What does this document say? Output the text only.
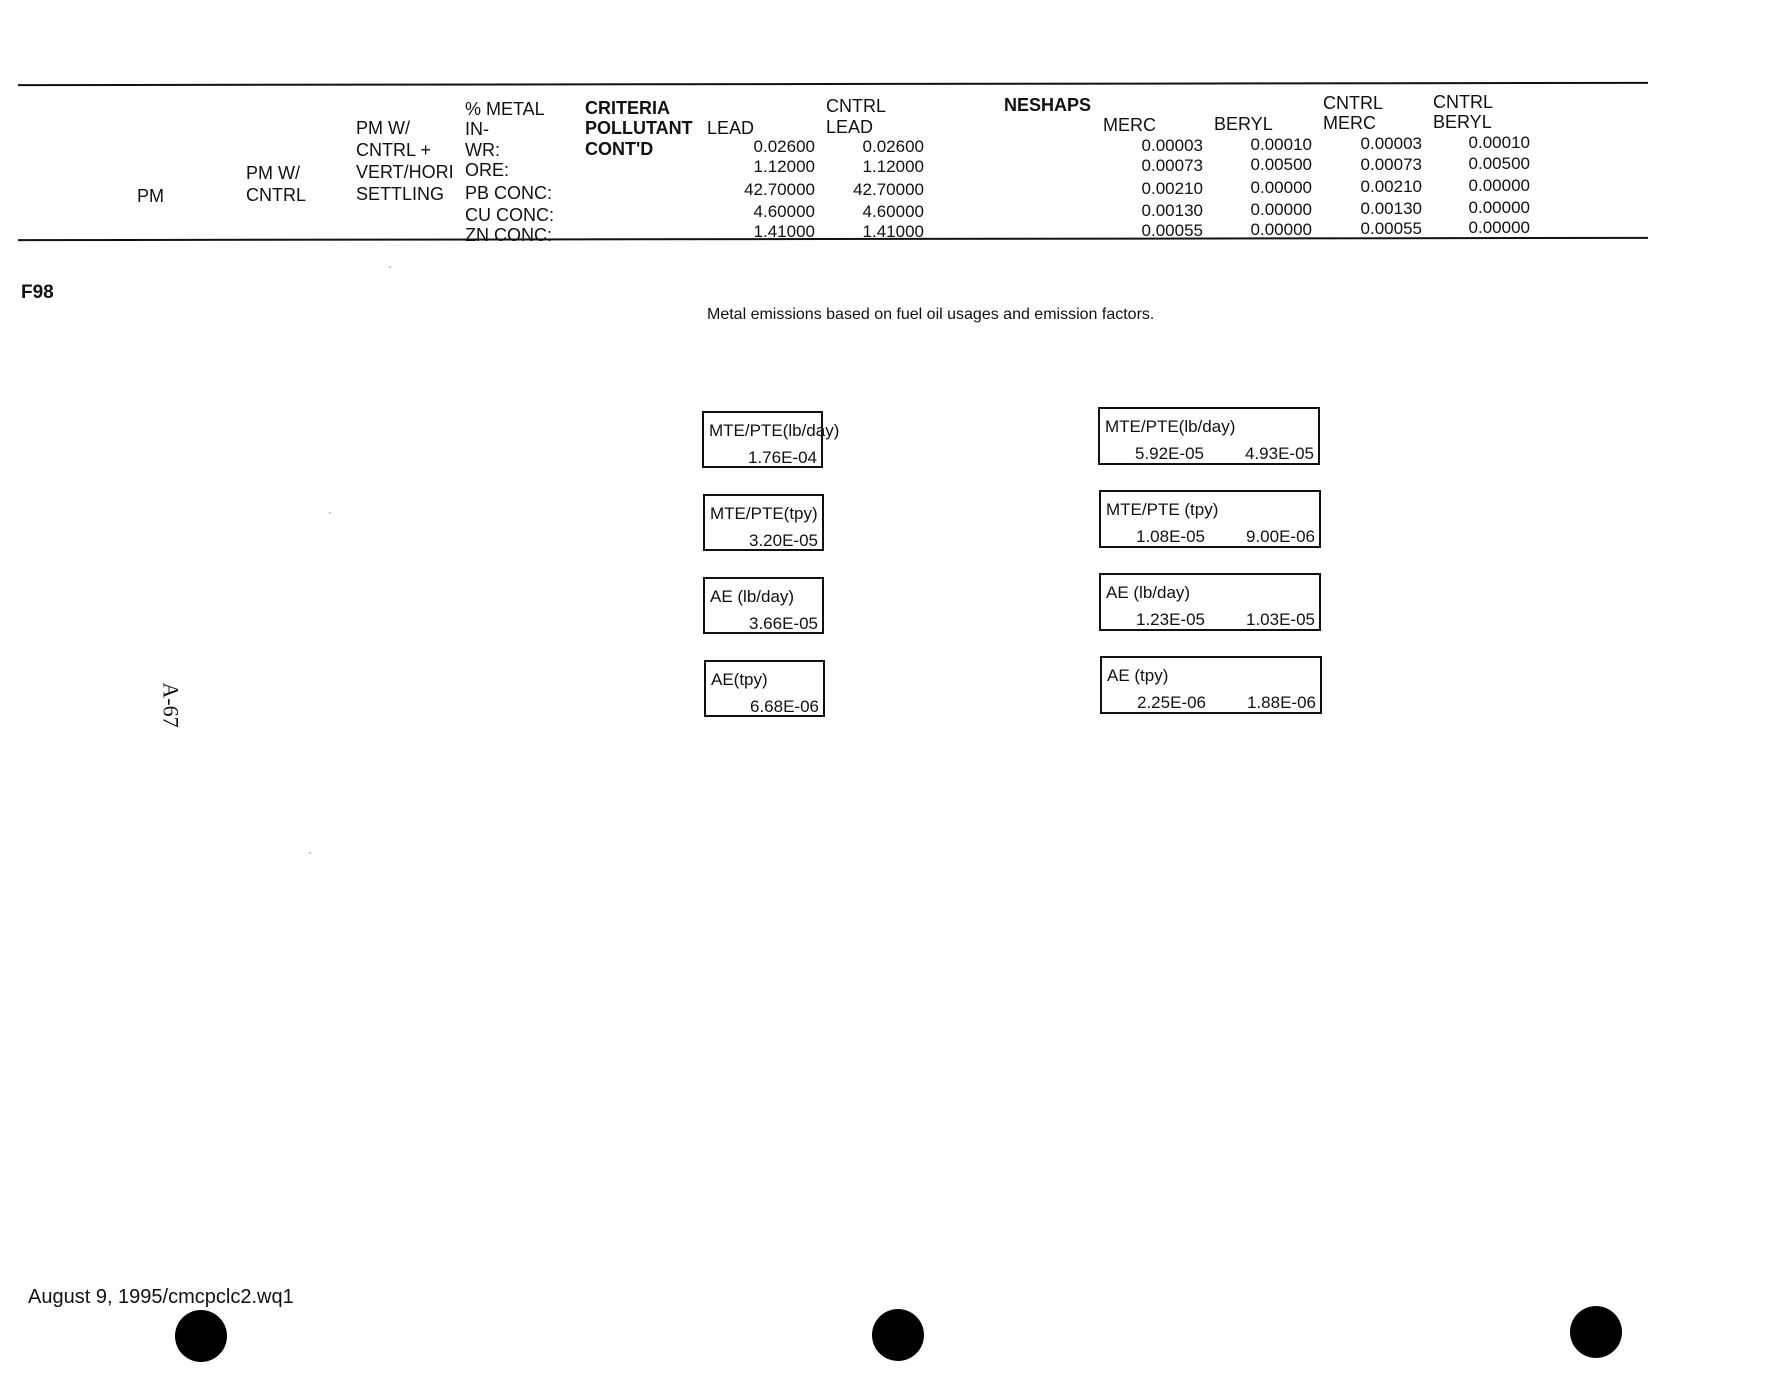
PM
PM W/
CNTRL
PM W/
CNTRL +
VERT/HORI
SETTLING
% METAL
IN-
WR:
ORE:
PB CONC:
CU CONC:
ZN CONC:
CRITERIA
POLLUTANT
CONT'D
LEAD
CNTRL
LEAD
NESHAPS
MERC	BERYL
CNTRL
MERC
CNTRL
BERYL
0.02600
1.12000
42.70000
4.60000
1.41000
0.02600
1.12000
42.70000
4.60000
1.41000
0.00003
0.00073
0.00210
0.00130
0.00055
0.00010
0.00500
0.00000
0.00000
0.00000
0.00003
0.00073
0.00210
0.00130
0.00055
0.00010
0.00500
0.00000
0.00000
0.00000
F98
Metal emissions based on fuel oil usages and emission factors.
MTE/PTE(lb/day)
1.76E-04
MTE/PTE(tpy)
3.20E-05
AE (lb/day)
3.66E-05
AE(tpy)
6.68E-06
MTE/PTE(lb/day)
5.92E-05 4.93E-05
MTE/PTE (tpy)
1.08E-05 9.00E-06
AE (lb/day)
1.23E-05 1.03E-05
AE (tpy)
2.25E-06 1.88E-06
A-67
August 9, 1995/cmcpclc2.wq1
